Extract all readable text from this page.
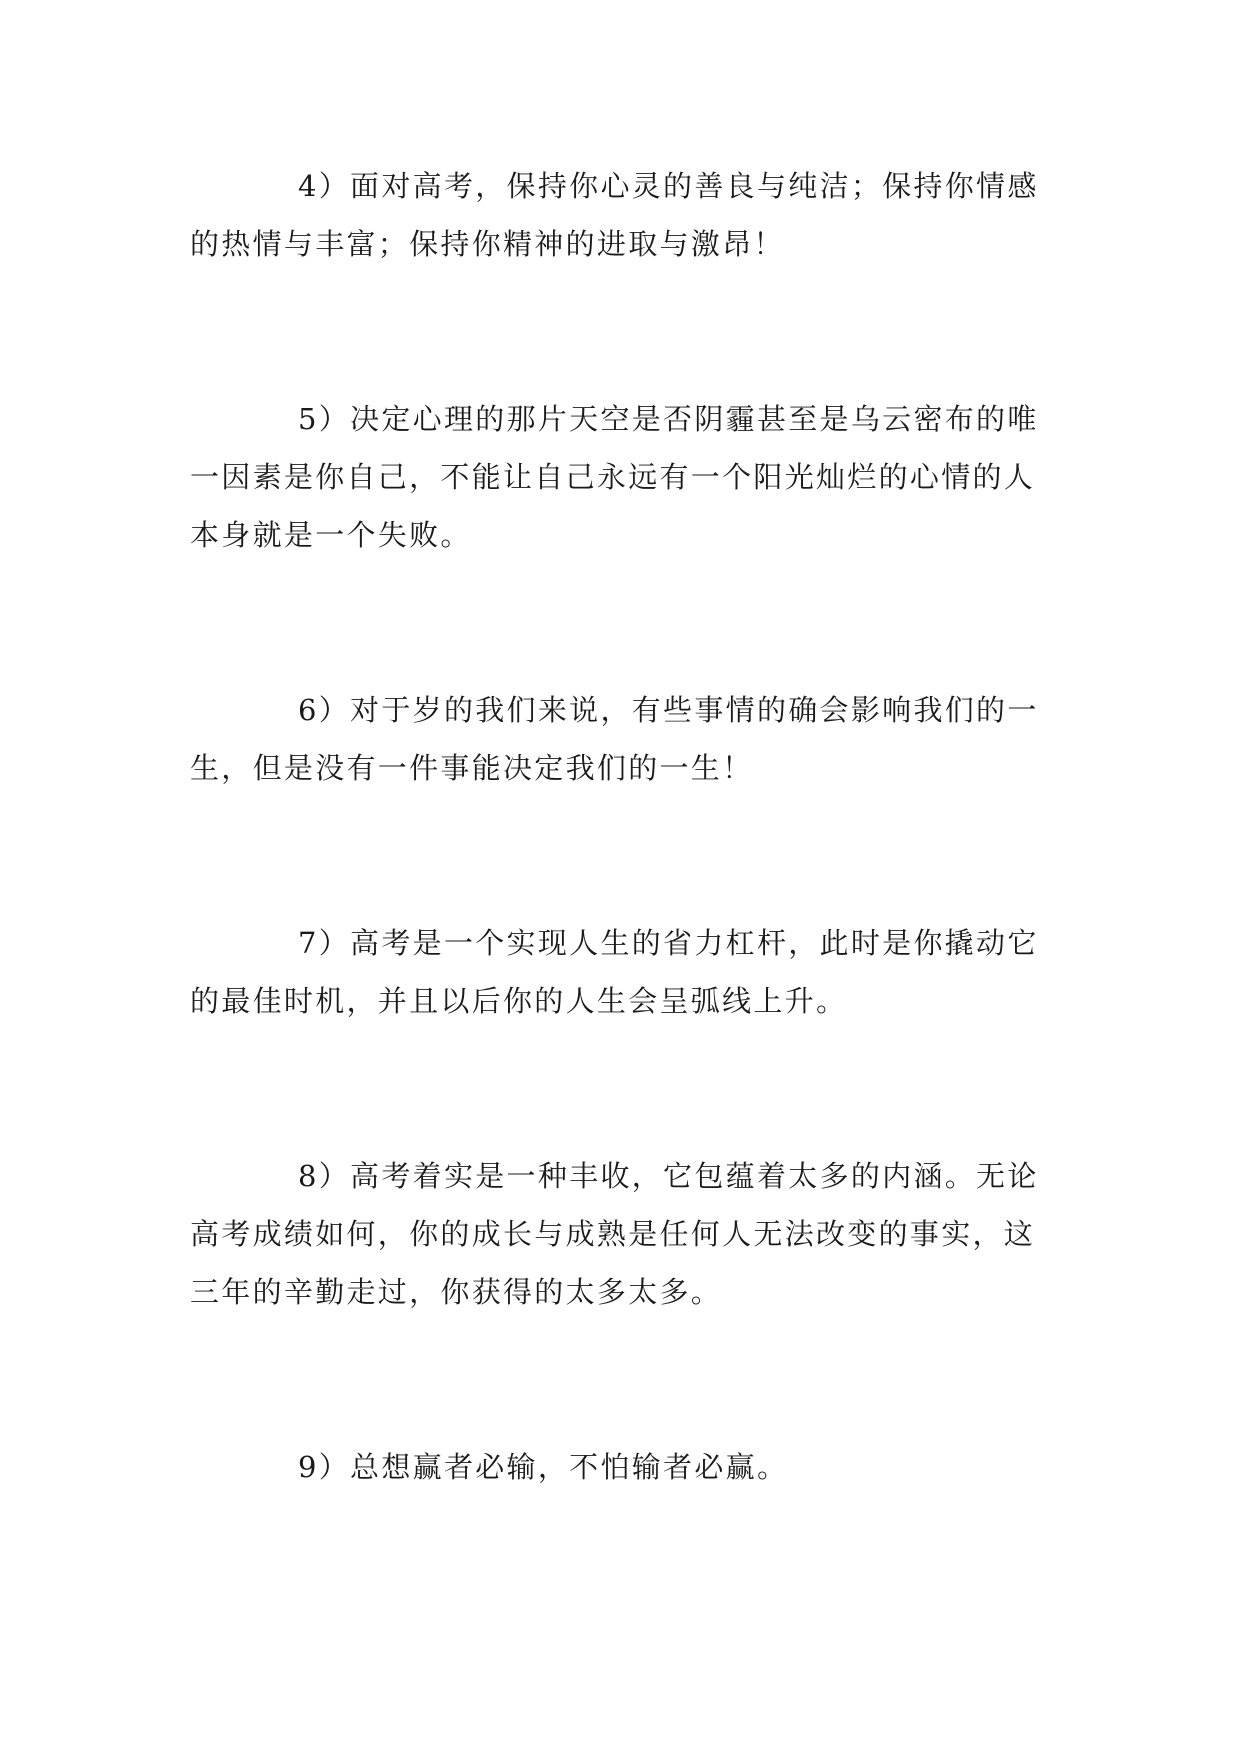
4）面对高考，保持你心灵的善良与纯洁；保持你情感的热情与丰富；保持你精神的进取与激昂！

5）决定心理的那片天空是否阴霾甚至是乌云密布的唯一因素是你自己，不能让自己永远有一个阳光灿烂的心情的人本身就是一个失败。

6）对于岁的我们来说，有些事情的确会影响我们的一生，但是没有一件事能决定我们的一生！

7）高考是一个实现人生的省力杠杆，此时是你撬动它的最佳时机，并且以后你的人生会呈弧线上升。

8）高考着实是一种丰收，它包蕴着太多的内涵。无论高考成绩如何，你的成长与成熟是任何人无法改变的事实，这三年的辛勤走过，你获得的太多太多。

9）总想赢者必输，不怕输者必赢。
